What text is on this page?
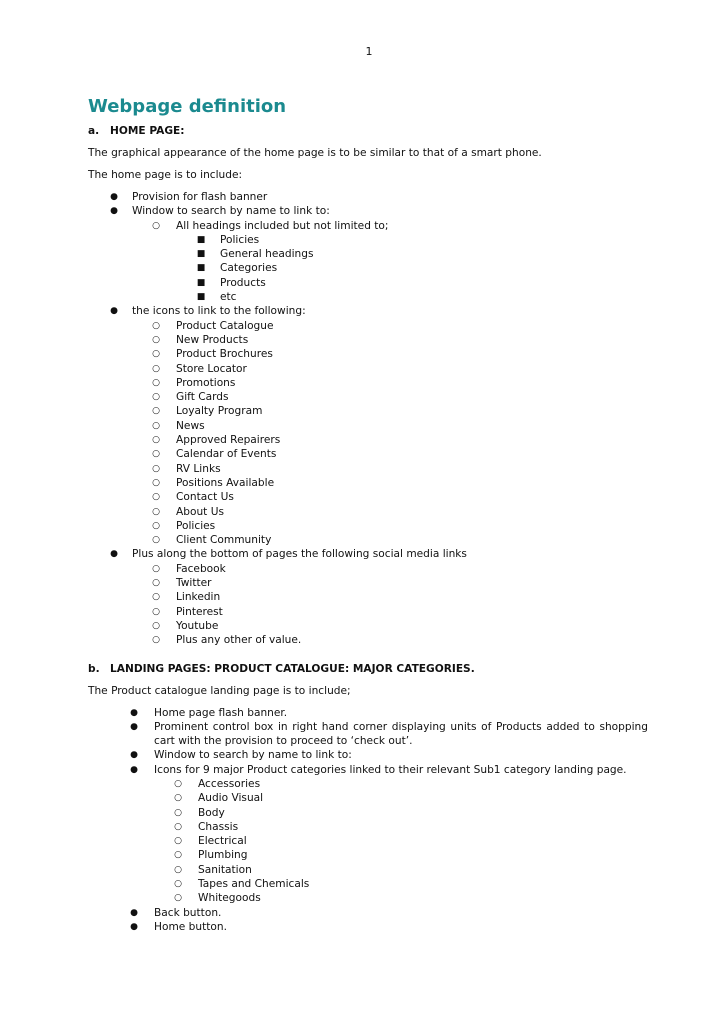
1
Webpage definition
a.	HOME PAGE:

The graphical appearance of the home page is to be similar to that of a smart phone.

The home page is to include:

● Provision for flash banner
● Window to search by name to link to:
○ All headings included but not limited to;
■ Policies
■ General headings
■ Categories
■ Products
■ etc
● the icons to link to the following:
○ Product Catalogue
○ New Products
○ Product Brochures
○ Store Locator
○ Promotions
○ Gift Cards
○ Loyalty Program
○ News
○ Approved Repairers
○ Calendar of Events
○ RV Links
○ Positions Available
○ Contact Us
○ About Us
○ Policies
○ Client Community
● Plus along the bottom of pages the following social media links
○ Facebook
○ Twitter
○ Linkedin
○ Pinterest
○ Youtube
○ Plus any other of value.
b. LANDING PAGES: PRODUCT CATALOGUE: MAJOR CATEGORIES.

The Product catalogue landing page is to include;

● Home page flash banner.
● Prominent control box in right hand corner displaying units of Products added to shopping cart with the provision to proceed to ‘check out’.
● Window to search by name to link to:
● Icons for 9 major Product categories linked to their relevant Sub1 category landing page.
○ Accessories
○ Audio Visual
○ Body
○ Chassis
○ Electrical
○ Plumbing
○ Sanitation
○ Tapes and Chemicals
○ Whitegoods
● Back button.
● Home button.
